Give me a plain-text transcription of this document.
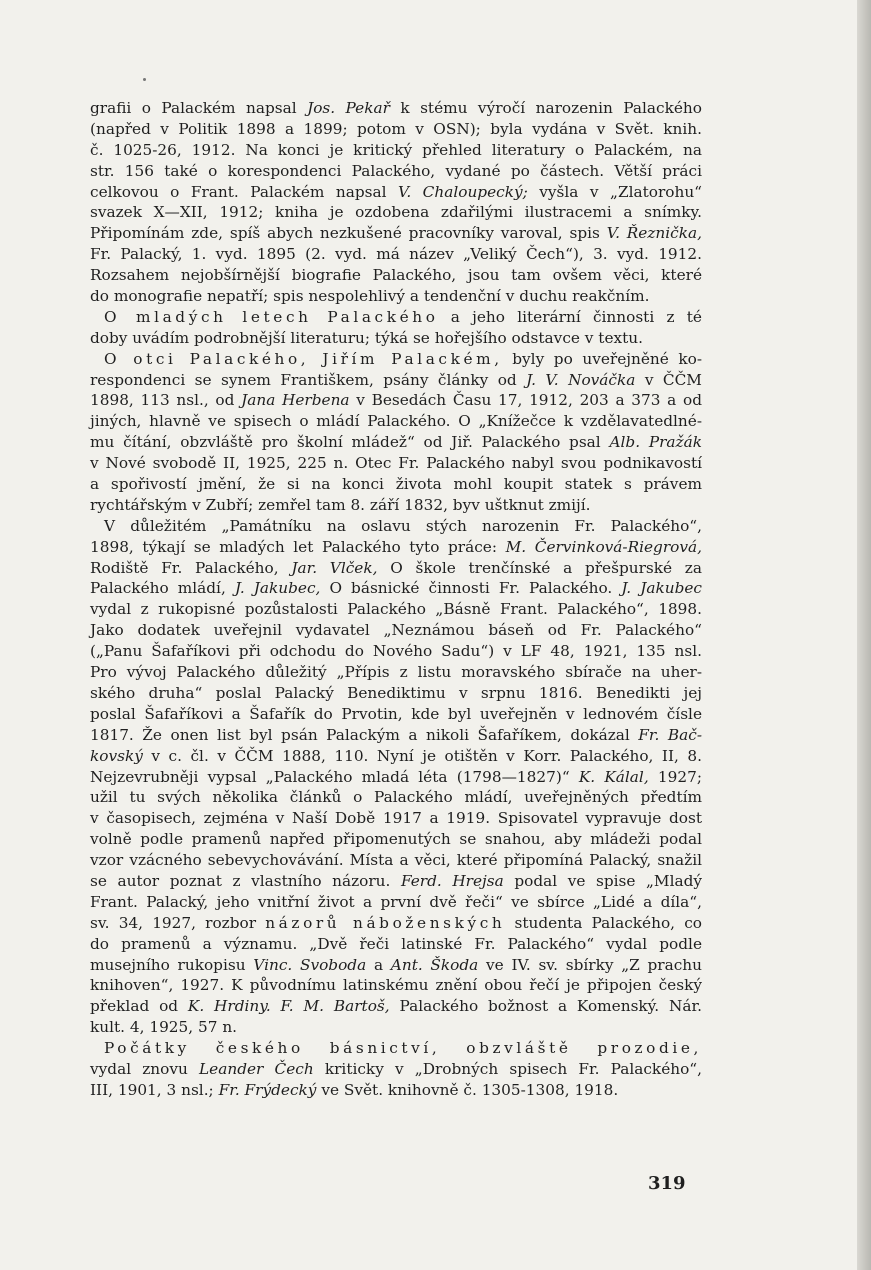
grafii o Palackém napsal Jos. Pekař k stému výročí narozenin Palackého
(napřed v Politik 1898 a 1899; potom v OSN); byla vydána v Svět. knih.
č. 1025-26, 1912. Na konci je kritický přehled literatury o Palackém, na
str. 156 také o korespondenci Palackého, vydané po částech. Větší práci
celkovou o Frant. Palackém napsal V. Chaloupecký; vyšla v „Zlatorohu“
svazek X—XII, 1912; kniha je ozdobena zdařilými ilustracemi a snímky.
Připomínám zde, spíš abych nezkušené pracovníky varoval, spis V. Řeznička,
Fr. Palacký, 1. vyd. 1895 (2. vyd. má název „Veliký Čech“), 3. vyd. 1912.
Rozsahem nejobšírnější biografie Palackého, jsou tam ovšem věci, které
do monografie nepatří; spis nespolehlivý a tendenční v duchu reakčním.
O mladých letech Palackého a jeho literární činnosti z té
doby uvádím podrobnější literaturu; týká se hořejšího odstavce v textu.
O otci Palackého, Jiřím Palackém, byly po uveřejněné ko-
respondenci se synem Františkem, psány články od J. V. Nováčka v ČČM
1898, 113 nsl., od Jana Herbena v Besedách Času 17, 1912, 203 a 373 a od
jiných, hlavně ve spisech o mládí Palackého. O „Knížečce k vzdělavatedlné-
mu čítání, obzvláště pro školní mládež“ od Jiř. Palackého psal Alb. Pražák
v Nové svobodě II, 1925, 225 n. Otec Fr. Palackého nabyl svou podnikavostí
a spořivostí jmění, že si na konci života mohl koupit statek s právem
rychtářským v Zubří; zemřel tam 8. září 1832, byv uštknut zmijí.
V důležitém „Památníku na oslavu stých narozenin Fr. Palackého“,
1898, týkají se mladých let Palackého tyto práce: M. Červinková-Riegrová,
Rodiště Fr. Palackého, Jar. Vlček, O škole trenčínské a přešpurské za
Palackého mládí, J. Jakubec, O básnické činnosti Fr. Palackého. J. Jakubec
vydal z rukopisné pozůstalosti Palackého „Básně Frant. Palackého“, 1898.
Jako dodatek uveřejnil vydavatel „Neznámou báseň od Fr. Palackého“
(„Panu Šafaříkovi při odchodu do Nového Sadu“) v LF 48, 1921, 135 nsl.
Pro vývoj Palackého důležitý „Přípis z listu moravského sbírače na uher-
ského druha“ poslal Palacký Benediktimu v srpnu 1816. Benedikti jej
poslal Šafaříkovi a Šafařík do Prvotin, kde byl uveřejněn v lednovém čísle
1817. Že onen list byl psán Palackým a nikoli Šafaříkem, dokázal Fr. Bač-
kovský v c. čl. v ČČM 1888, 110. Nyní je otištěn v Korr. Palackého, II, 8.
Nejzevrubněji vypsal „Palackého mladá léta (1798—1827)“ K. Kálal, 1927;
užil tu svých několika článků o Palackého mládí, uveřejněných předtím
v časopisech, zejména v Naší Době 1917 a 1919. Spisovatel vypravuje dost
volně podle pramenů napřed připomenutých se snahou, aby mládeži podal
vzor vzácného sebevychovávání. Místa a věci, které připomíná Palacký, snažil
se autor poznat z vlastního názoru. Ferd. Hrejsa podal ve spise „Mladý
Frant. Palacký, jeho vnitřní život a první dvě řeči“ ve sbírce „Lidé a díla“,
sv. 34, 1927, rozbor názorů náboženských studenta Palackého, co
do pramenů a významu. „Dvě řeči latinské Fr. Palackého“ vydal podle
musejního rukopisu Vinc. Svoboda a Ant. Škoda ve IV. sv. sbírky „Z prachu
knihoven“, 1927. K původnímu latinskému znění obou řečí je připojen český
překlad od K. Hrdiny. F. M. Bartoš, Palackého božnost a Komenský. Nár.
kult. 4, 1925, 57 n.
Počátky českého básnictví, obzvláště prozodie,
vydal znovu Leander Čech kriticky v „Drobných spisech Fr. Palackého“,
III, 1901, 3 nsl.; Fr. Frýdecký ve Svět. knihovně č. 1305-1308, 1918.
319
